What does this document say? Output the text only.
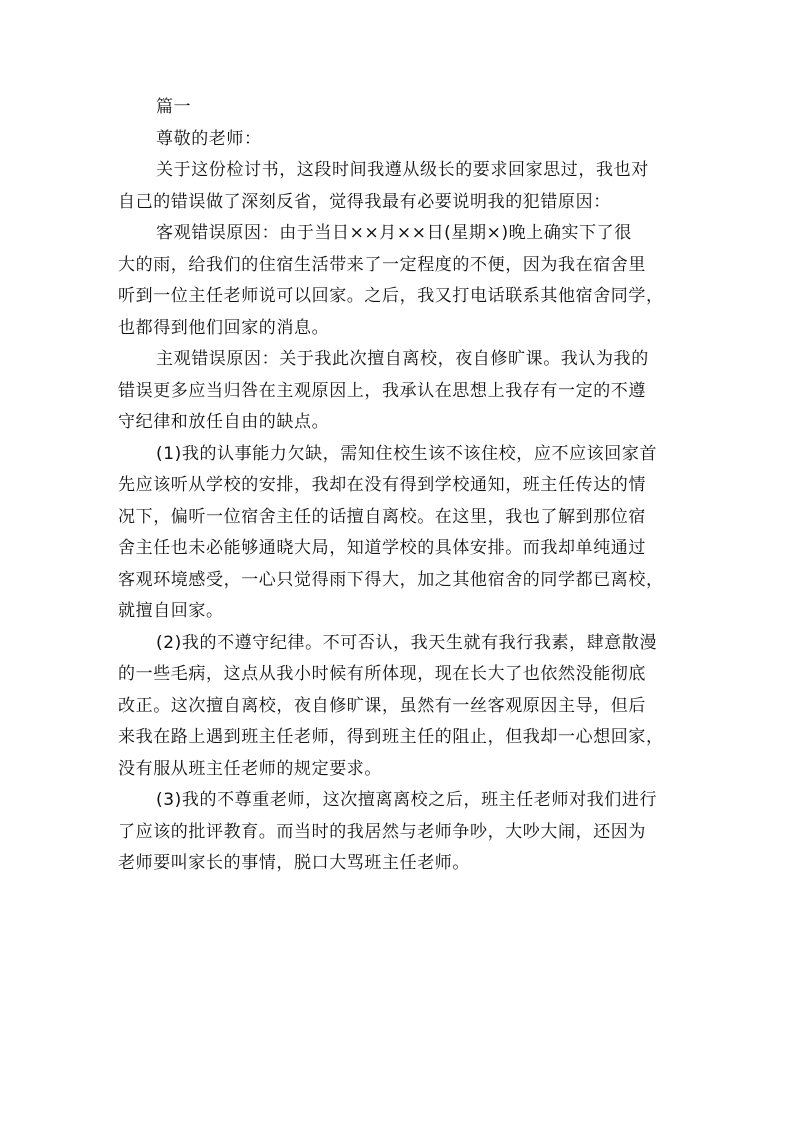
篇一

尊敬的老师：

关于这份检讨书，这段时间我遵从级长的要求回家思过，我也对
自己的错误做了深刻反省，觉得我最有必要说明我的犯错原因：

客观错误原因：由于当日××月××日(星期×)晚上确实下了很
大的雨，给我们的住宿生活带来了一定程度的不便，因为我在宿舍里
听到一位主任老师说可以回家。之后，我又打电话联系其他宿舍同学，
也都得到他们回家的消息。

主观错误原因：关于我此次擅自离校，夜自修旷课。我认为我的
错误更多应当归咎在主观原因上，我承认在思想上我存有一定的不遵
守纪律和放任自由的缺点。

(1)我的认事能力欠缺，需知住校生该不该住校，应不应该回家首
先应该听从学校的安排，我却在没有得到学校通知，班主任传达的情
况下，偏听一位宿舍主任的话擅自离校。在这里，我也了解到那位宿
舍主任也未必能够通晓大局，知道学校的具体安排。而我却单纯通过
客观环境感受，一心只觉得雨下得大，加之其他宿舍的同学都已离校，
就擅自回家。

(2)我的不遵守纪律。不可否认，我天生就有我行我素，肆意散漫
的一些毛病，这点从我小时候有所体现，现在长大了也依然没能彻底
改正。这次擅自离校，夜自修旷课，虽然有一丝客观原因主导，但后
来我在路上遇到班主任老师，得到班主任的阻止，但我却一心想回家，
没有服从班主任老师的规定要求。

(3)我的不尊重老师，这次擅离离校之后，班主任老师对我们进行
了应该的批评教育。而当时的我居然与老师争吵，大吵大闹，还因为
老师要叫家长的事情，脱口大骂班主任老师。
